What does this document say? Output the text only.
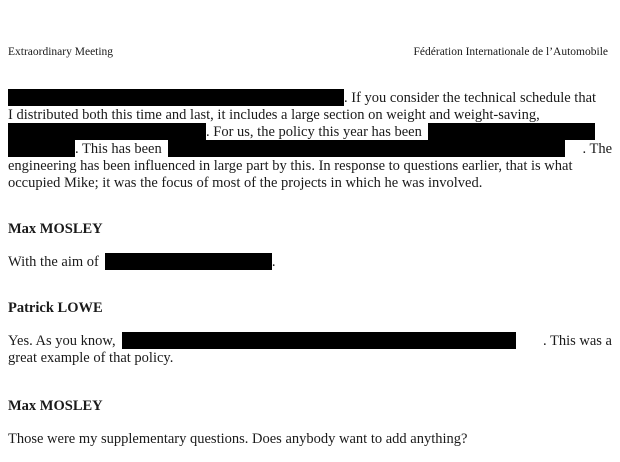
Extraordinary Meeting	Fédération Internationale de l’Automobile
. If you consider the technical schedule that
I distributed both this time and last, it includes a large section on weight and weight-saving,
. For us, the policy this year has been
. This has been	. The
engineering has been influenced in large part by this. In response to questions earlier, that is what
occupied Mike; it was the focus of most of the projects in which he was involved.
Max MOSLEY
With the aim of	.
Patrick LOWE
Yes. As you know,	. This was a
great example of that policy.
Max MOSLEY
Those were my supplementary questions. Does anybody want to add anything?
